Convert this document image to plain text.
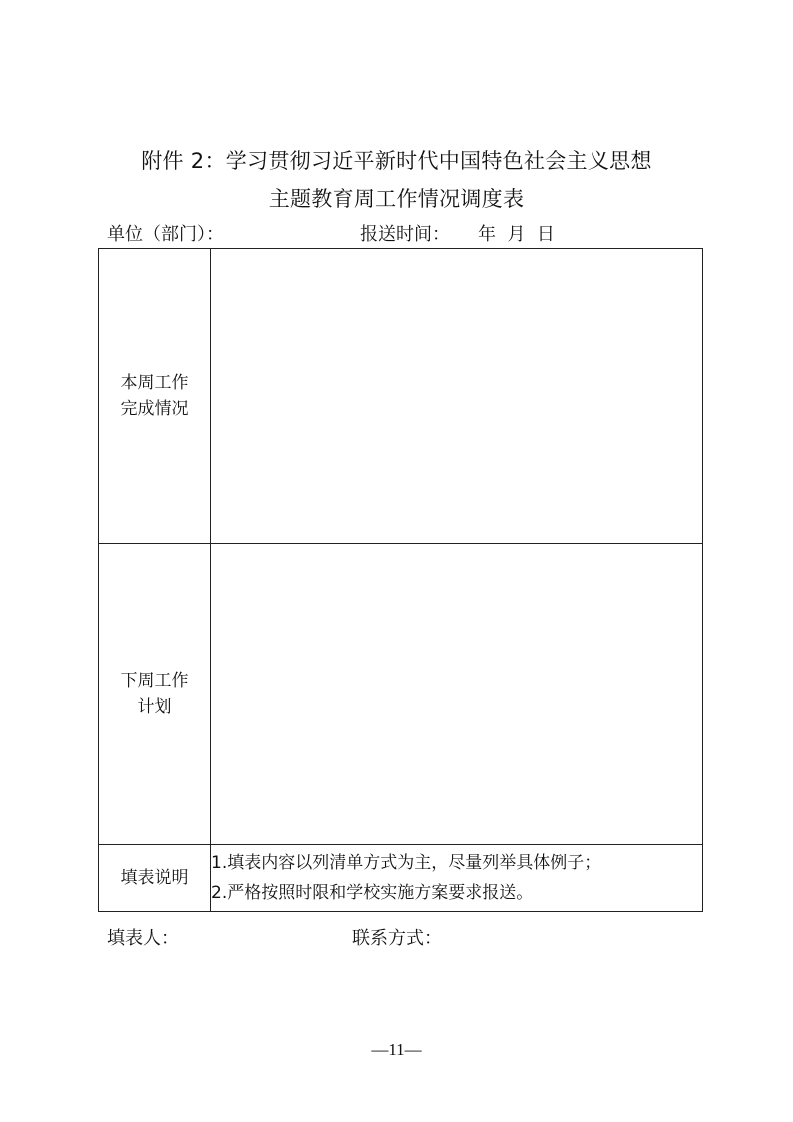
附件 2：学习贯彻习近平新时代中国特色社会主义思想
主题教育周工作情况调度表
单位（部门）：	报送时间： 年  月  日
本周工作
完成情况	

下周工作
计划	

填表说明	1.填表内容以列清单方式为主，尽量列举具体例子；
2.严格按照时限和学校实施方案要求报送。
填表人：	联系方式：
—11—
